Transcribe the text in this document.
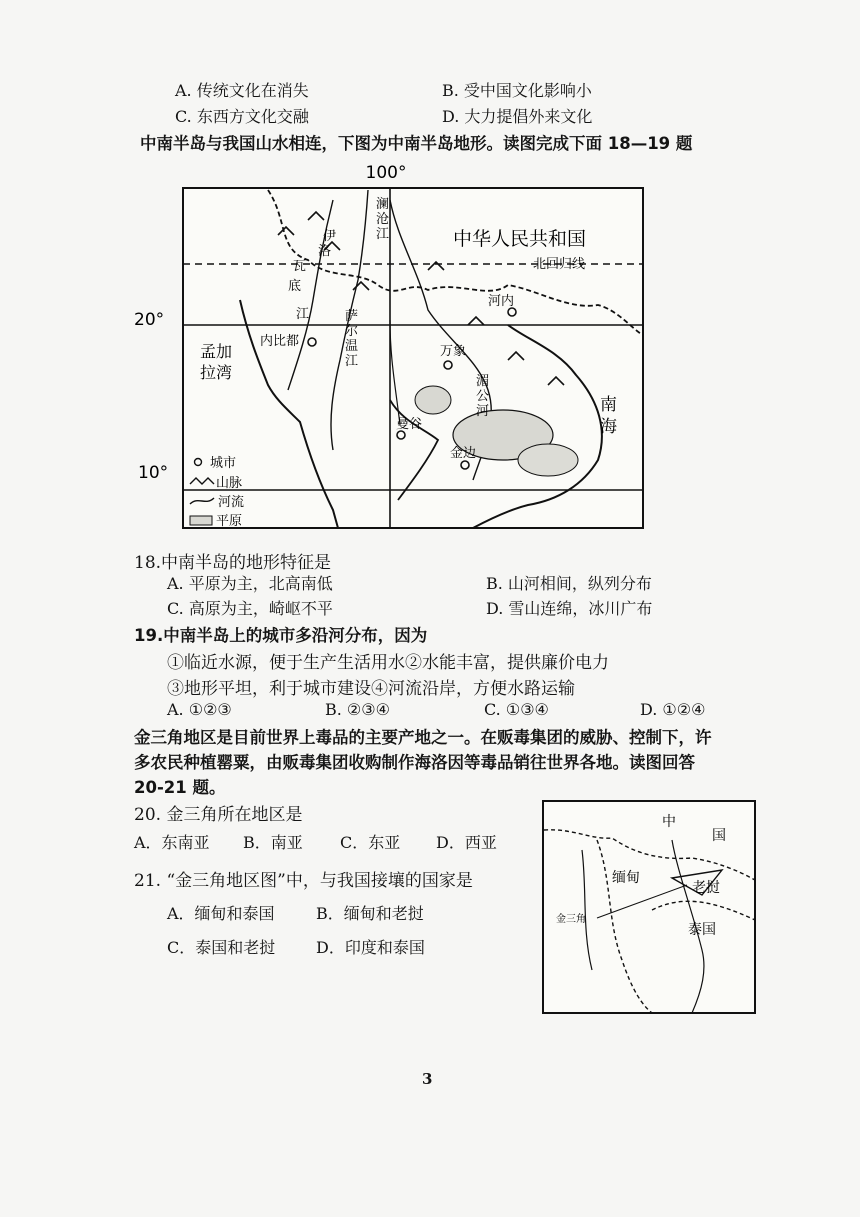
A. 传统文化在消失	B. 受中国文化影响小
C. 东西方文化交融	D. 大力提倡外来文化
中南半岛与我国山水相连，下图为中南半岛地形。读图完成下面 18—19 题
100°
20°
10°
中华人民共和国
北回归线
澜
沧
江
伊
洛
瓦
底
江	萨
尔
温
江
内比都
孟加
拉湾
河内
万象
湄
公
河
曼谷
金边
南
海
城市
山脉
河流
平原
18.中南半岛的地形特征是
A. 平原为主，北高南低	B. 山河相间，纵列分布
C. 高原为主，崎岖不平	D. 雪山连绵，冰川广布
19.中南半岛上的城市多沿河分布，因为
①临近水源，便于生产生活用水②水能丰富，提供廉价电力
③地形平坦，利于城市建设④河流沿岸，方便水路运输
A. ①②③	B. ②③④	C. ①③④	D. ①②④
金三角地区是目前世界上毒品的主要产地之一。在贩毒集团的威胁、控制下，许
多农民种植罂粟，由贩毒集团收购制作海洛因等毒品销往世界各地。读图回答
20-21 题。
20. 金三角所在地区是
A．东南亚 B．南亚 C．东亚 D．西亚
21. “金三角地区图”中，与我国接壤的国家是
A．缅甸和泰国	B．缅甸和老挝
C．泰国和老挝	D．印度和泰国
中
国
缅甸
老挝
泰国
金三角
3
